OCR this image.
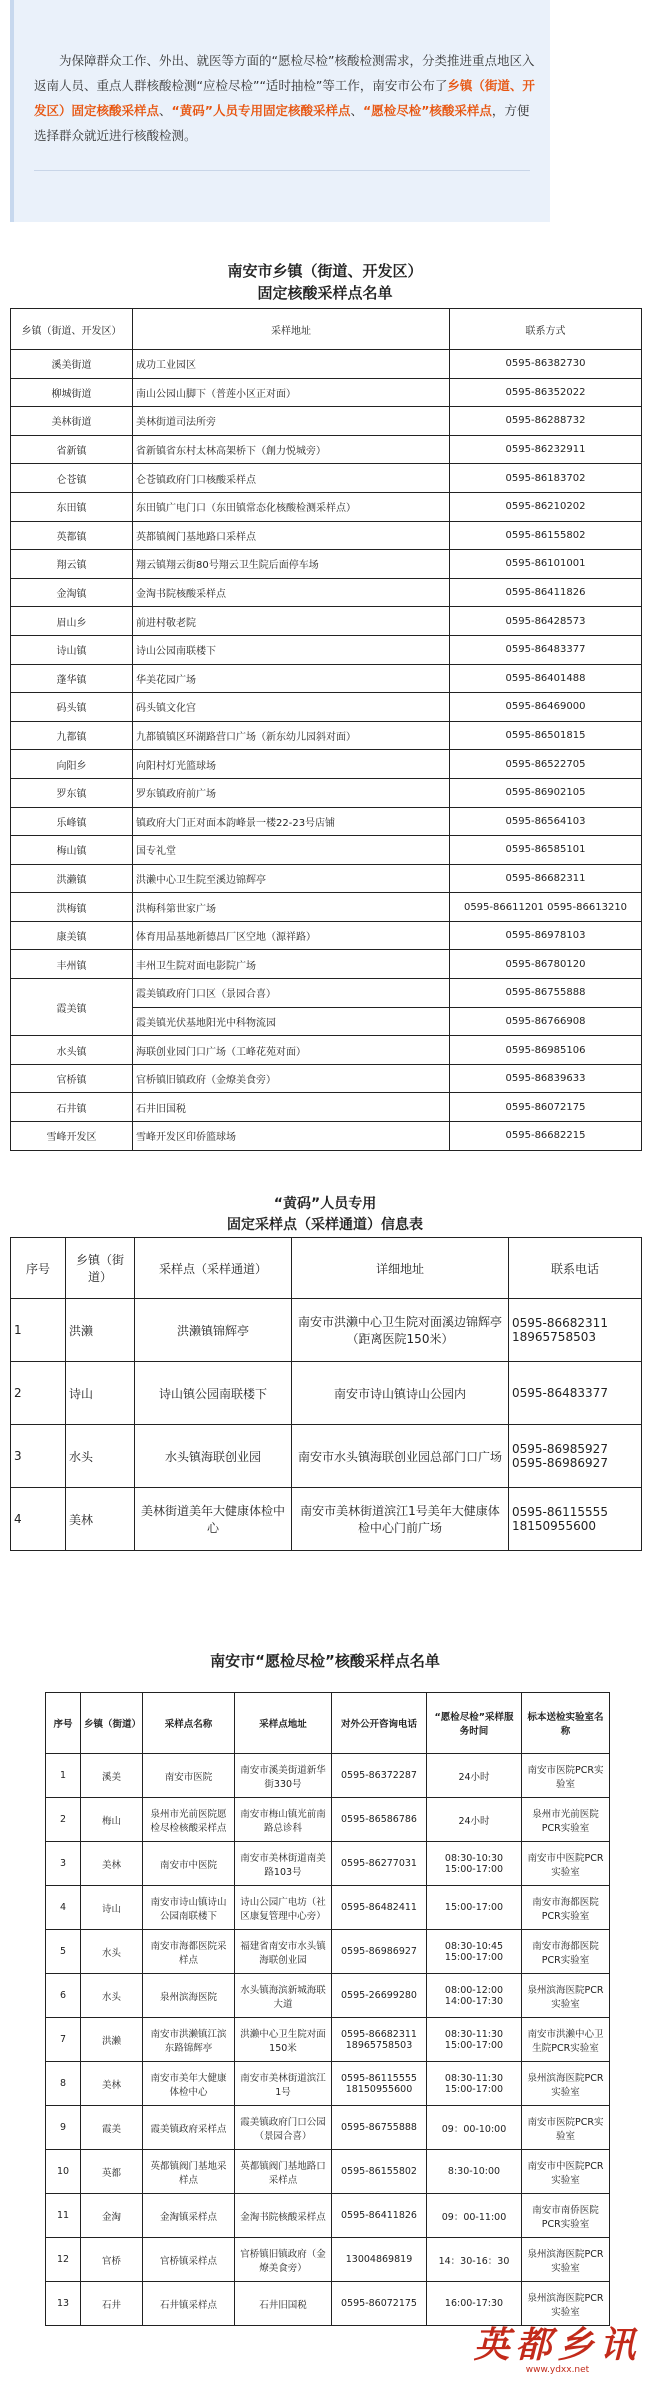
为保障群众工作、外出、就医等方面的“愿检尽检”核酸检测需求，分类推进重点地区入返南人员、重点人群核酸检测“应检尽检”“适时抽检”等工作，南安市公布了乡镇（街道、开发区）固定核酸采样点、“黄码”人员专用固定核酸采样点、“愿检尽检”核酸采样点，方便选择群众就近进行核酸检测。
南安市乡镇（街道、开发区）
固定核酸采样点名单
乡镇（街道、开发区）	采样地址	联系方式
溪美街道	成功工业园区	0595-86382730
柳城街道	南山公园山脚下（普莲小区正对面）	0595-86352022
美林街道	美林街道司法所旁	0595-86288732
省新镇	省新镇省东村太林高架桥下（創力悦城旁）	0595-86232911
仑苍镇	仑苍镇政府门口核酸采样点	0595-86183702
东田镇	东田镇广电门口（东田镇常态化核酸检测采样点）	0595-86210202
英都镇	英都镇阀门基地路口采样点	0595-86155802
翔云镇	翔云镇翔云街80号翔云卫生院后面停车场	0595-86101001
金淘镇	金淘书院核酸采样点	0595-86411826
眉山乡	前进村敬老院	0595-86428573
诗山镇	诗山公园南联楼下	0595-86483377
蓬华镇	华美花园广场	0595-86401488
码头镇	码头镇文化宫	0595-86469000
九都镇	九都镇镇区环湖路营口广场（新东幼儿园斜对面）	0595-86501815
向阳乡	向阳村灯光篮球场	0595-86522705
罗东镇	罗东镇政府前广场	0595-86902105
乐峰镇	镇政府大门正对面本韵峰景一楼22-23号店铺	0595-86564103
梅山镇	国专礼堂	0595-86585101
洪濑镇	洪濑中心卫生院至溪边锦辉亭	0595-86682311
洪梅镇	洪梅科第世家广场	0595-86611201 0595-86613210
康美镇	体育用品基地新德昌厂区空地（源祥路）	0595-86978103
丰州镇	丰州卫生院对面电影院广场	0595-86780120
霞美镇	霞美镇政府门口区（景园合喜）	0595-86755888
	霞美镇光伏基地阳光中科物流园	0595-86766908
水头镇	海联创业园门口广场（工峰花苑对面）	0595-86985106
官桥镇	官桥镇旧镇政府（金燎美食旁）	0595-86839633
石井镇	石井旧国税	0595-86072175
雪峰开发区	雪峰开发区印侨篮球场	0595-86682215
“黄码”人员专用
固定采样点（采样通道）信息表
序号	乡镇（街道）	采样点（采样通道）	详细地址	联系电话
1	洪濑	洪濑镇锦辉亭	南安市洪濑中心卫生院对面溪边锦辉亭（距离医院150米）	0595-86682311 18965758503
2	诗山	诗山镇公园南联楼下	南安市诗山镇诗山公园内	0595-86483377
3	水头	水头镇海联创业园	南安市水头镇海联创业园总部门口广场	0595-86985927 0595-86986927
4	美林	美林街道美年大健康体检中心	南安市美林街道滨江1号美年大健康体检中心门前广场	0595-86115555 18150955600
南安市“愿检尽检”核酸采样点名单
序号	乡镇（街道）	采样点名称	采样点地址	对外公开咨询电话	“愿检尽检”采样服务时间	标本送检实验室名称
1	溪美	南安市医院	南安市溪美街道新华街330号	0595-86372287	24小时	南安市医院PCR实验室
2	梅山	泉州市光前医院愿检尽检核酸采样点	南安市梅山镇光前南路总诊科	0595-86586786	24小时	泉州市光前医院PCR实验室
3	美林	南安市中医院	南安市美林街道南美路103号	0595-86277031	08:30-10:30 15:00-17:00	南安市中医院PCR实验室
4	诗山	南安市诗山镇诗山公园南联楼下	诗山公园广电坊（社区康复管理中心旁）	0595-86482411	15:00-17:00	南安市海都医院PCR实验室
5	水头	南安市海都医院采样点	福建省南安市水头镇海联创业园	0595-86986927	08:30-10:45 15:00-17:00	南安市海都医院PCR实验室
6	水头	泉州滨海医院	水头镇海滨新城海联大道	0595-26699280	08:00-12:00 14:00-17:30	泉州滨海医院PCR实验室
7	洪濑	南安市洪濑镇江滨东路锦辉亭	洪濑中心卫生院对面150米	0595-86682311 18965758503	08:30-11:30 15:00-17:00	南安市洪濑中心卫生院PCR实验室
8	美林	南安市美年大健康体检中心	南安市美林街道滨江1号	0595-86115555 18150955600	08:30-11:30 15:00-17:00	泉州滨海医院PCR实验室
9	霞美	霞美镇政府采样点	霞美镇政府门口公园（景园合喜）	0595-86755888	09：00-10:00	南安市医院PCR实验室
10	英都	英都镇阀门基地采样点	英都镇阀门基地路口采样点	0595-86155802	8:30-10:00	南安市中医院PCR实验室
11	金淘	金淘镇采样点	金淘书院核酸采样点	0595-86411826	09：00-11:00	南安市南侨医院PCR实验室
12	官桥	官桥镇采样点	官桥镇旧镇政府（金燎美食旁）	13004869819	14：30-16：30	泉州滨海医院PCR实验室
13	石井	石井镇采样点	石井旧国税	0595-86072175	16:00-17:30	泉州滨海医院PCR实验室
英都乡讯
www.ydxx.net
